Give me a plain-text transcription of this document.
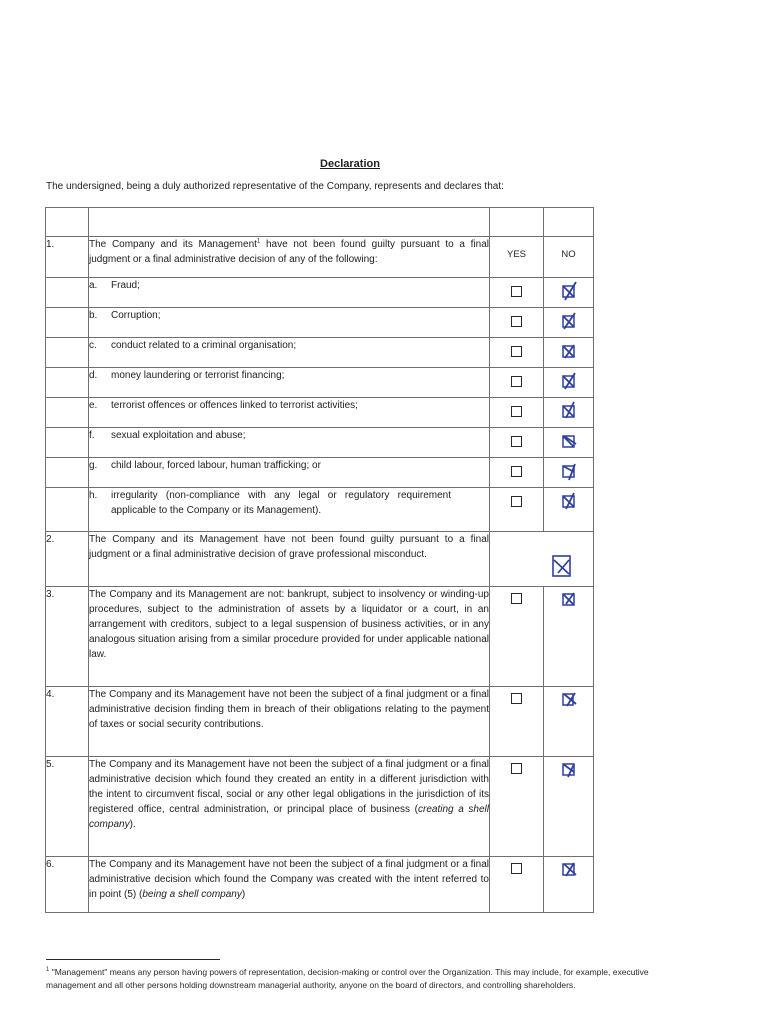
Declaration
The undersigned, being a duly authorized representative of the Company, represents and declares that:

1.	The Company and its Management$^1$ have not been found guilty pursuant to a final judgment or a final administrative decision of any of the following:	YES	NO

	a. Fraud;		

	b. Corruption;		

	c. conduct related to a criminal organisation;		

	d. money laundering or terrorist financing;		

	e. terrorist offences or offences linked to terrorist activities;		

	f. sexual exploitation and abuse;		

	g. child labour, forced labour, human trafficking; or		

	h. irregularity (non-compliance with any legal or regulatory requirement applicable to the Company or its Management).		

2.	The Company and its Management have not been found guilty pursuant to a final judgment or a final administrative decision of grave professional misconduct.	
3.	The Company and its Management are not: bankrupt, subject to insolvency or winding-up procedures, subject to the administration of assets by a liquidator or a court, in an arrangement with creditors, subject to a legal suspension of business activities, or in any analogous situation arising from a similar procedure provided for under applicable national law.		

4.	The Company and its Management have not been the subject of a final judgment or a final administrative decision finding them in breach of their obligations relating to the payment of taxes or social security contributions.		

5.	The Company and its Management have not been the subject of a final judgment or a final administrative decision which found they created an entity in a different jurisdiction with the intent to circumvent fiscal, social or any other legal obligations in the jurisdiction of its registered office, central administration, or principal place of business (creating a shell company).		

6.	The Company and its Management have not been the subject of a final judgment or a final administrative decision which found the Company was created with the intent referred to in point (5) (being a shell company)		
$^1$ "Management" means any person having powers of representation, decision-making or control over the Organization. This may include, for example, executive management and all other persons holding downstream managerial authority, anyone on the board of directors, and controlling shareholders.
